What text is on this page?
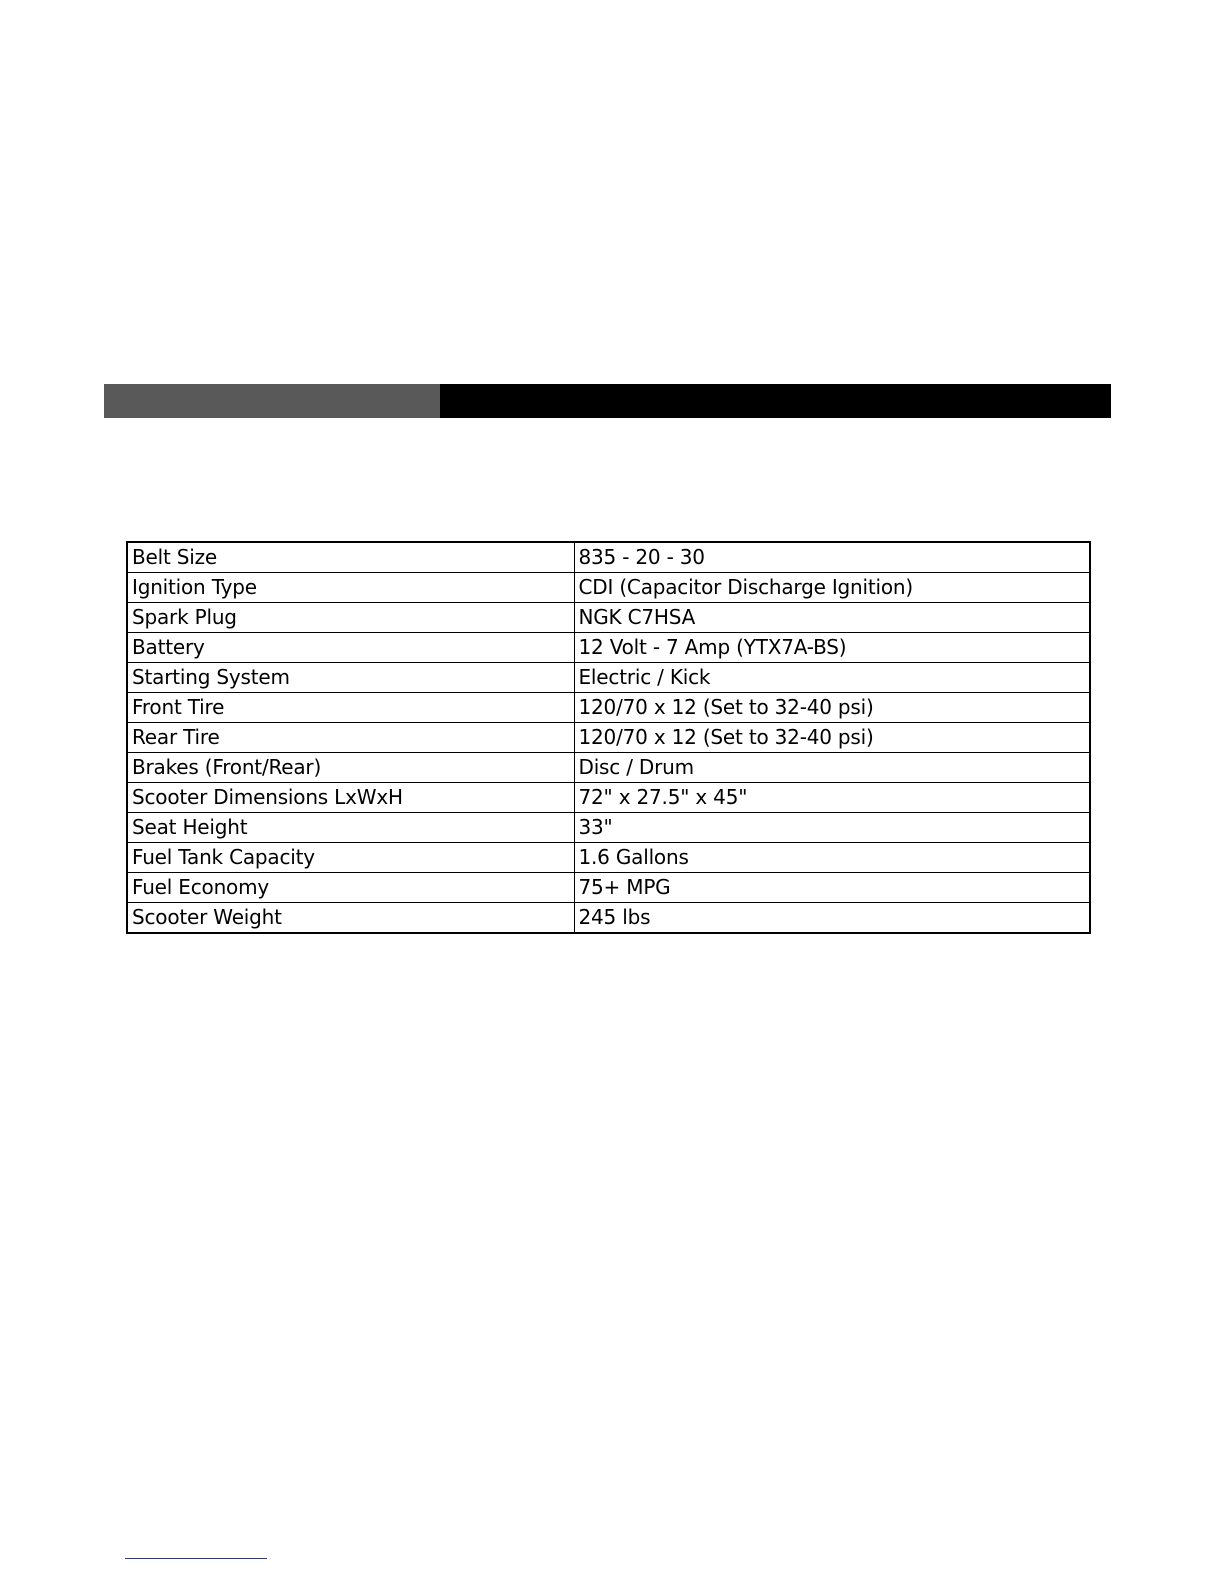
Belt Size	835 - 20 - 30
Ignition Type	CDI (Capacitor Discharge Ignition)
Spark Plug	NGK C7HSA
Battery	12 Volt - 7 Amp (YTX7A-BS)
Starting System	Electric / Kick
Front Tire	120/70 x 12 (Set to 32-40 psi)
Rear Tire	120/70 x 12 (Set to 32-40 psi)
Brakes (Front/Rear)	Disc / Drum
Scooter Dimensions LxWxH	72" x 27.5" x 45"
Seat Height	33"
Fuel Tank Capacity	1.6 Gallons
Fuel Economy	75+ MPG
Scooter Weight	245 lbs
